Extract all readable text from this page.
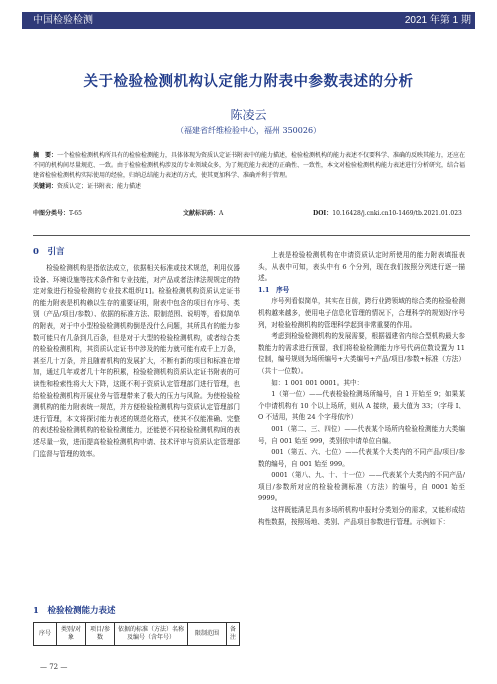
中国检验检测	2021 年第 1 期
关于检验检测机构认定能力附表中参数表述的分析
陈凌云
（福建省纤维检验中心，福州 350026）

摘　要：一个检验检测机构所具有的检验检测能力，具体体现为资质认定证书附表中的能力描述，检验检测机构的能力表述不仅要科学、准确的反映其能力，还应在不同的机构间尽量规范、一致。由于检验检测机构涉及的专业领域众多，为了规范能力表述的正确性、一致性，本文对检验检测机构能力表述进行分析研究，结合福建省检验检测机构实际使用的经验，归纳总结能力表述的方式，使其更加科学、准确并利于管理。

关键词：资质认定；证书附表；能力描述

中图分类号：T-65	文献标识码：A	DOI：10.16428/j.cnki.cn10-1469/tb.2021.01.023
0　 引言

检验检测机构是指依法成立，依据相关标准或技术规范，利用仪器设备、环境设施等技术条件和专业技能，对产品或者法律法规规定的特定对象进行检验检测的专业技术组织[1]。检验检测机构资质认定证书的能力附表是机构赖以生存的重要证明，附表中包含的项目有序号、类别（产品/项目/参数）、依据的标准方法、限制范围、说明等，看似简单的附表，对于中小型检验检测机构倒是没什么问题，其所具有的能力参数可能只有几条到几百条，但是对于大型的检验检测机构，或者综合类的检验检测机构，其资质认定证书中涉及的能力就可能有成千上万条，甚至几十万条，并且随着机构的发展扩大，不断有新的项目和标准在增加，通过几年或者几十年的积累，检验检测机构资质认定证书附表的可读性和检索性将大大下降，这既不利于资质认定管理部门进行管理，也给检验检测机构开展业务与管理带来了极大的压力与风险。为使检验检测机构的能力附表统一规范，并方便检验检测机构与资质认定管理部门进行管理，本文将探讨能力表述的规范化格式，使其不仅能准确、完整的表述检验检测机构的检验检测能力，还能使不同检验检测机构间的表述尽量一致，进而提高检验检测机构申请、技术评审与资质认定管理部门监督与管理的效率。

1　 检验检测能力表述
序号	类别/对象	项目/参数	依据的标准（方法）名称及编号（含年号）	限制范围	备注

上表是检验检测机构在申请资质认定时所使用的能力附表填报表头，从表中可知，表头中有 6 个分列，现在我们按照分列进行逐一描述。

1.1　序号

序号列看似简单，其实在目前，跨行业跨领域的综合类的检验检测机构越来越多，使用电子信息化管理的情况下，合理科学的规划好序号列，对检验检测机构的管理科学起到非常重要的作用。

考虑到检验检测机构的发展需要，根据福建省内综合型机构最大参数能力的需求进行预留，我们将检验检测能力序号代码位数设置为 11 位制，编号规则为场所编号+大类编号+产品/项目/参数+标准（方法）（共十一位数）。

如：1 001 001 0001。其中：

1（第一位）——代表检验检测场所编号，自 1 开始至 9；如果某个申请机构有 10 个以上场所，则从 A 接续，最大值为 33；（字母 I、O 不适用，其他 24 个字母依序）

001（第二、三、四位）——代表某个场所内检验检测能力大类编号，自 001 始至 999，类别依申请单位自编。

001（第五、六、七位）——代表某个大类内的不同产品/项目/参数的编号，自 001 始至 999。

0001（第八、九、十、十一位）——代表某个大类内的不同产品/项目/参数所对应的检验检测标准（方法）的编号，自 0001 始至 9999。

这样既能满足具有多场所机构申报时分类划分的需求，又能形成结构性数据，按照场地、类别、产品项目参数进行管理。示例如下：

— 72 —
